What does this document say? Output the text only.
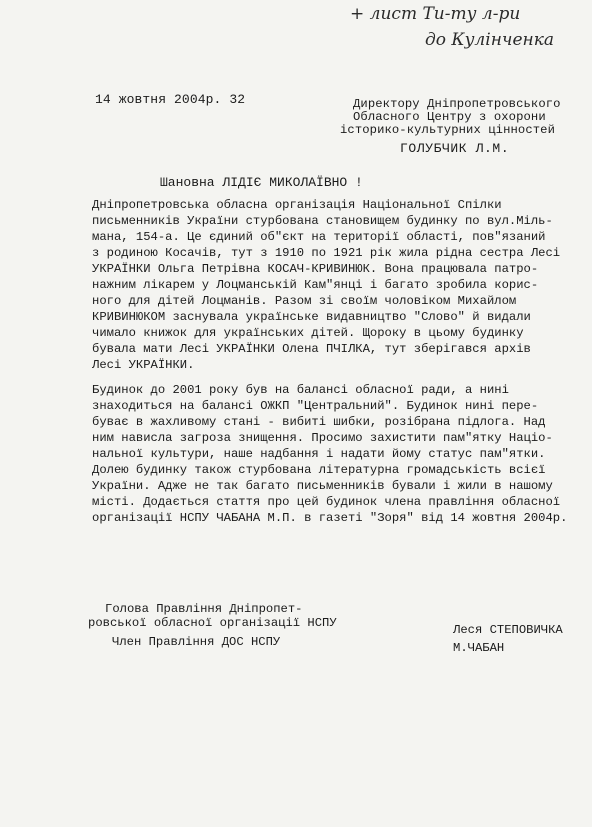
+ лист Ти-ту л-ри
до Кулінченка
14 жовтня 2004р. 32	Директору Дніпропетровського
Обласного Центру з охорони
історико-культурних цінностей
ГОЛУБЧИК Л.М.
Шановна ЛІДІЄ МИКОЛАЇВНО !
Дніпропетровська обласна організація Національної Спілки
письменників України стурбована становищем будинку по вул.Міль-
мана, 154-а. Це єдиний об"єкт на території області, пов"язаний
з родиною Косачів, тут з 1910 по 1921 рік жила рідна сестра Лесі
УКРАЇНКИ Ольга Петрівна КОСАЧ-КРИВИНЮК. Вона працювала патро-
нажним лікарем у Лоцманській Кам"янці і багато зробила корис-
ного для дітей Лоцманів. Разом зі своїм чоловіком Михайлом
КРИВИНЮКОМ заснувала українське видавництво "Слово" й видали
чимало книжок для українських дітей. Щороку в цьому будинку
бувала мати Лесі УКРАЇНКИ Олена ПЧІЛКА, тут зберігався архів
Лесі УКРАЇНКИ.
Будинок до 2001 року був на балансі обласної ради, а нині
знаходиться на балансі ОЖКП "Центральний". Будинок нині пере-
буває в жахливому стані - вибиті шибки, розібрана підлога. Над
ним нависла загроза знищення. Просимо захистити пам"ятку Націо-
нальної культури, наше надбання і надати йому статус пам"ятки.
Долею будинку також стурбована літературна громадськість всієї
України. Адже не так багато письменників бували і жили в нашому
місті. Додається стаття про цей будинок члена правління обласної
організації НСПУ ЧАБАНА М.П. в газеті "Зоря" від 14 жовтня 2004р.
Голова Правління Дніпропет-
ровської обласної організації НСПУ
Член Правління ДОС НСПУ
Леся СТЕПОВИЧКА
М.ЧАБАН
